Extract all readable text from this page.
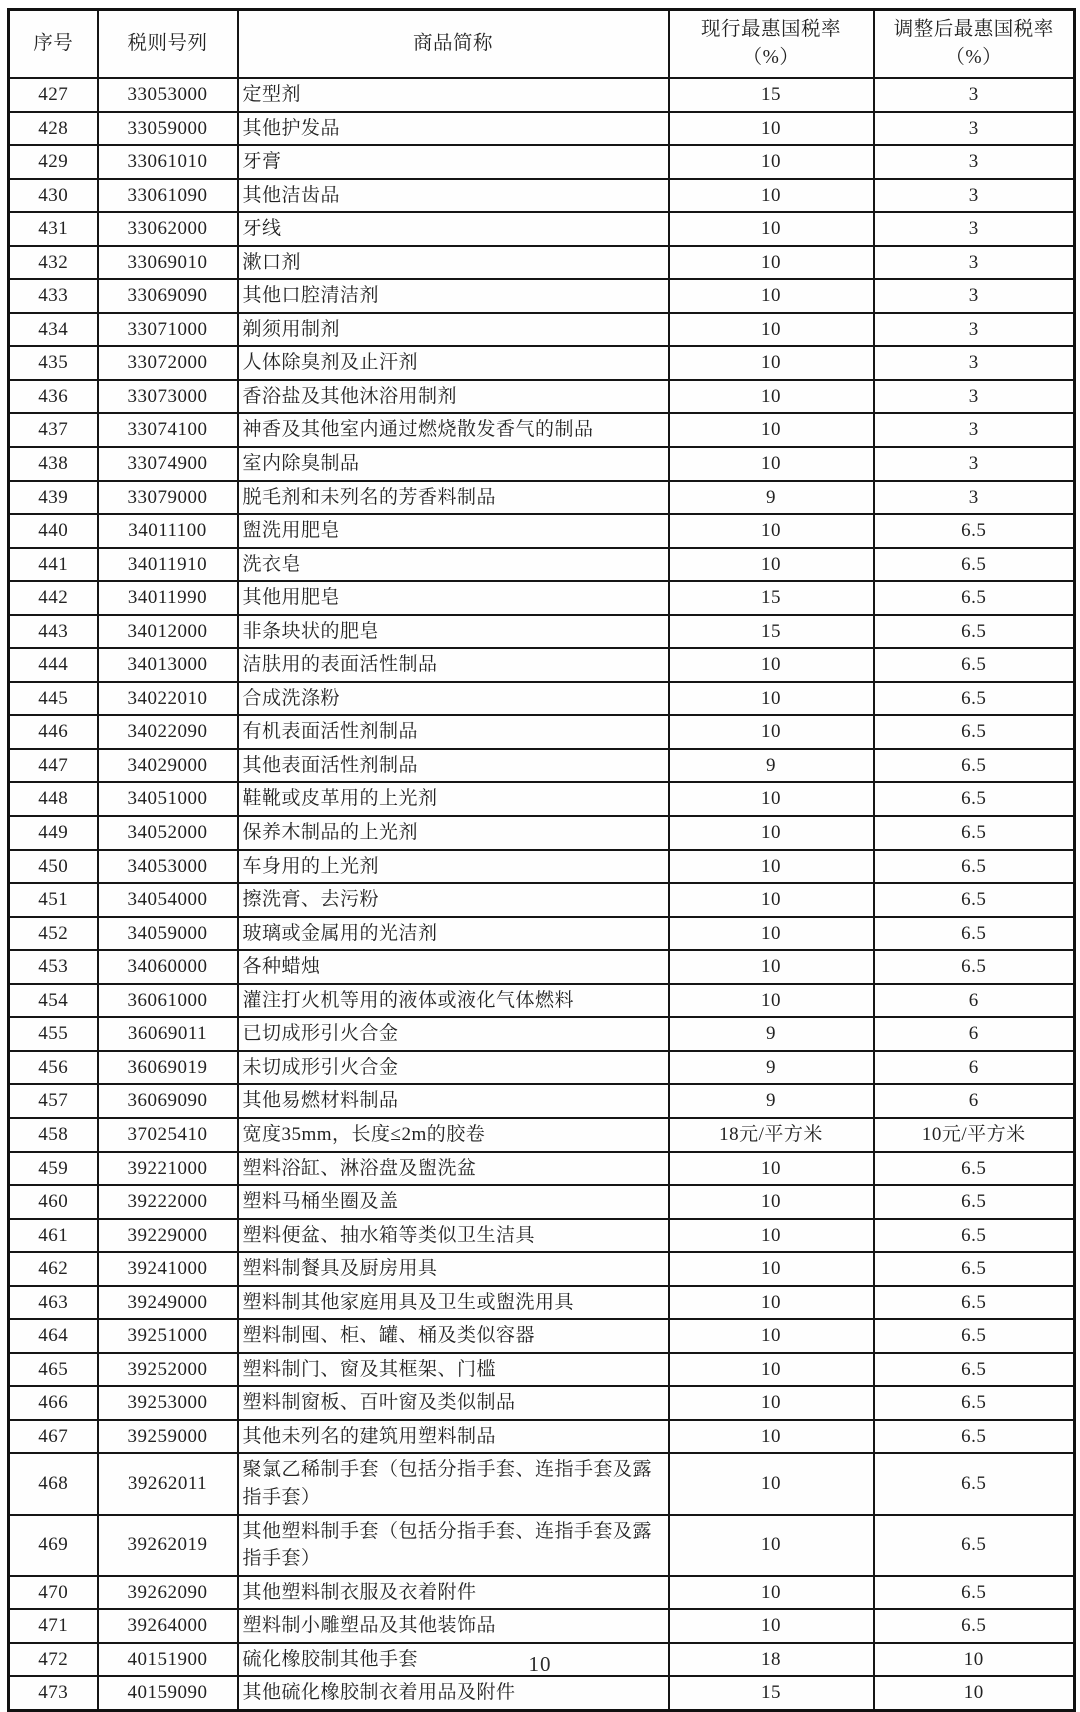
序号	税则号列	商品简称	现行最惠国税率（%）	调整后最惠国税率（%）
427	33053000	定型剂	15	3
428	33059000	其他护发品	10	3
429	33061010	牙膏	10	3
430	33061090	其他洁齿品	10	3
431	33062000	牙线	10	3
432	33069010	漱口剂	10	3
433	33069090	其他口腔清洁剂	10	3
434	33071000	剃须用制剂	10	3
435	33072000	人体除臭剂及止汗剂	10	3
436	33073000	香浴盐及其他沐浴用制剂	10	3
437	33074100	神香及其他室内通过燃烧散发香气的制品	10	3
438	33074900	室内除臭制品	10	3
439	33079000	脱毛剂和未列名的芳香料制品	9	3
440	34011100	盥洗用肥皂	10	6.5
441	34011910	洗衣皂	10	6.5
442	34011990	其他用肥皂	15	6.5
443	34012000	非条块状的肥皂	15	6.5
444	34013000	洁肤用的表面活性制品	10	6.5
445	34022010	合成洗涤粉	10	6.5
446	34022090	有机表面活性剂制品	10	6.5
447	34029000	其他表面活性剂制品	9	6.5
448	34051000	鞋靴或皮革用的上光剂	10	6.5
449	34052000	保养木制品的上光剂	10	6.5
450	34053000	车身用的上光剂	10	6.5
451	34054000	擦洗膏、去污粉	10	6.5
452	34059000	玻璃或金属用的光洁剂	10	6.5
453	34060000	各种蜡烛	10	6.5
454	36061000	灌注打火机等用的液体或液化气体燃料	10	6
455	36069011	已切成形引火合金	9	6
456	36069019	未切成形引火合金	9	6
457	36069090	其他易燃材料制品	9	6
458	37025410	宽度35mm，长度≤2m的胶卷	18元/平方米	10元/平方米
459	39221000	塑料浴缸、淋浴盘及盥洗盆	10	6.5
460	39222000	塑料马桶坐圈及盖	10	6.5
461	39229000	塑料便盆、抽水箱等类似卫生洁具	10	6.5
462	39241000	塑料制餐具及厨房用具	10	6.5
463	39249000	塑料制其他家庭用具及卫生或盥洗用具	10	6.5
464	39251000	塑料制囤、柜、罐、桶及类似容器	10	6.5
465	39252000	塑料制门、窗及其框架、门槛	10	6.5
466	39253000	塑料制窗板、百叶窗及类似制品	10	6.5
467	39259000	其他未列名的建筑用塑料制品	10	6.5
468	39262011	聚氯乙稀制手套（包括分指手套、连指手套及露指手套）	10	6.5
469	39262019	其他塑料制手套（包括分指手套、连指手套及露指手套）	10	6.5
470	39262090	其他塑料制衣服及衣着附件	10	6.5
471	39264000	塑料制小雕塑品及其他装饰品	10	6.5
472	40151900	硫化橡胶制其他手套	18	10
473	40159090	其他硫化橡胶制衣着用品及附件	15	10
10
